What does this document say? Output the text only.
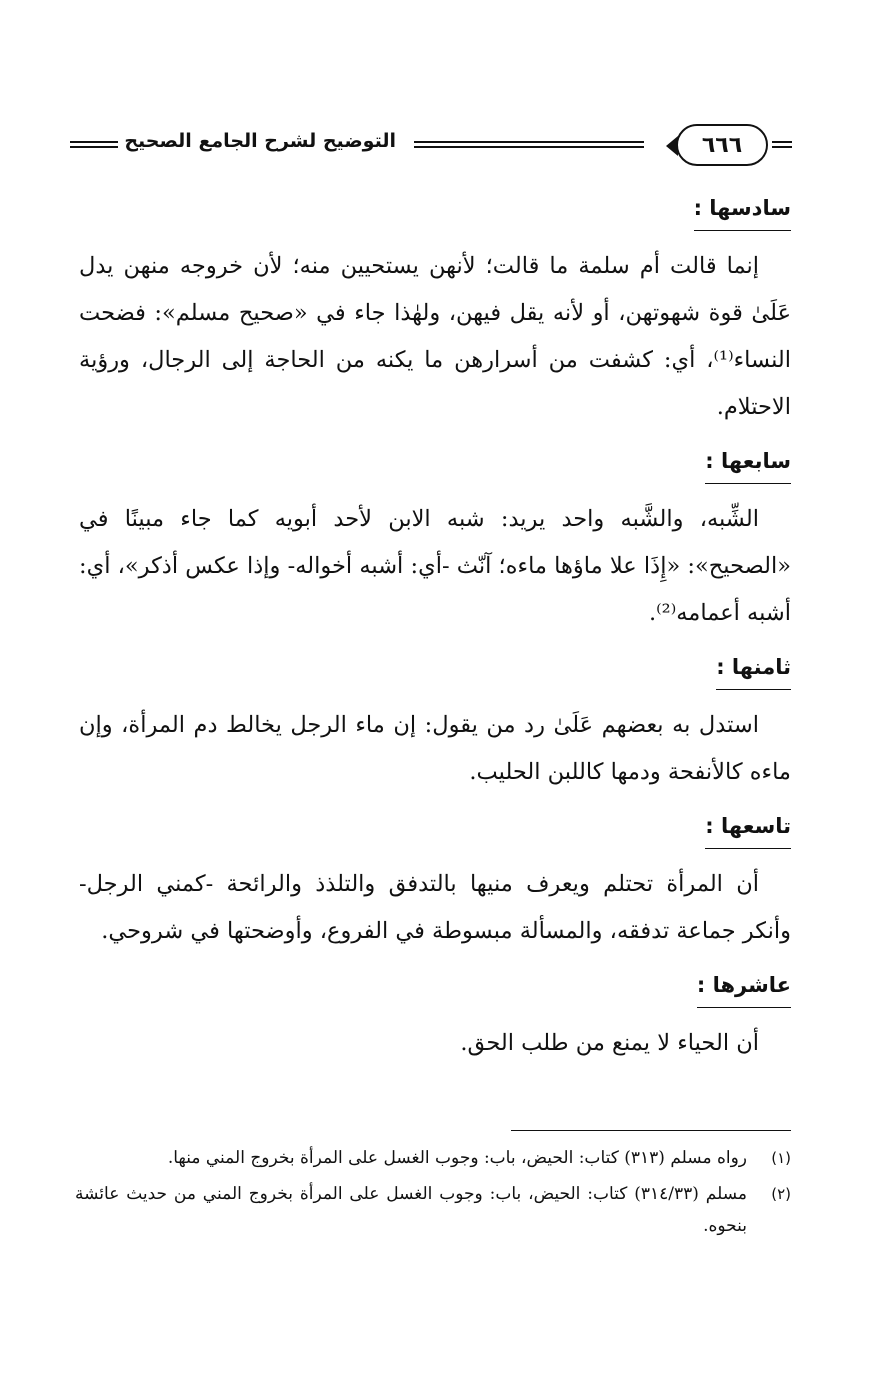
٦٦٦
التوضيح لشرح الجامع الصحيح
سادسها :

إنما قالت أم سلمة ما قالت؛ لأنهن يستحيين منه؛ لأن خروجه منهن يدل عَلَىٰ قوة شهوتهن، أو لأنه يقل فيهن، ولهٰذا جاء في «صحيح مسلم»: فضحت النساء⁽¹⁾، أي: كشفت من أسرارهن ما يكنه من الحاجة إلى الرجال، ورؤية الاحتلام.

سابعها :

الشِّبه، والشَّبه واحد يريد: شبه الابن لأحد أبويه كما جاء مبينًا في «الصحيح»: «إِذَا علا ماؤها ماءه؛ آنّث -أي: أشبه أخواله- وإذا عكس أذكر»، أي: أشبه أعمامه⁽²⁾.

ثامنها :

استدل به بعضهم عَلَىٰ رد من يقول: إن ماء الرجل يخالط دم المرأة، وإن ماءه كالأنفحة ودمها كاللبن الحليب.

تاسعها :

أن المرأة تحتلم ويعرف منيها بالتدفق والتلذذ والرائحة -كمني الرجل- وأنكر جماعة تدفقه، والمسألة مبسوطة في الفروع، وأوضحتها في شروحي.

عاشرها :

أن الحياء لا يمنع من طلب الحق.

(١)
رواه مسلم (٣١٣) كتاب: الحيض، باب: وجوب الغسل على المرأة بخروج المني منها.
(٢)
مسلم (٣١٤/٣٣) كتاب: الحيض، باب: وجوب الغسل على المرأة بخروج المني من حديث عائشة بنحوه.
